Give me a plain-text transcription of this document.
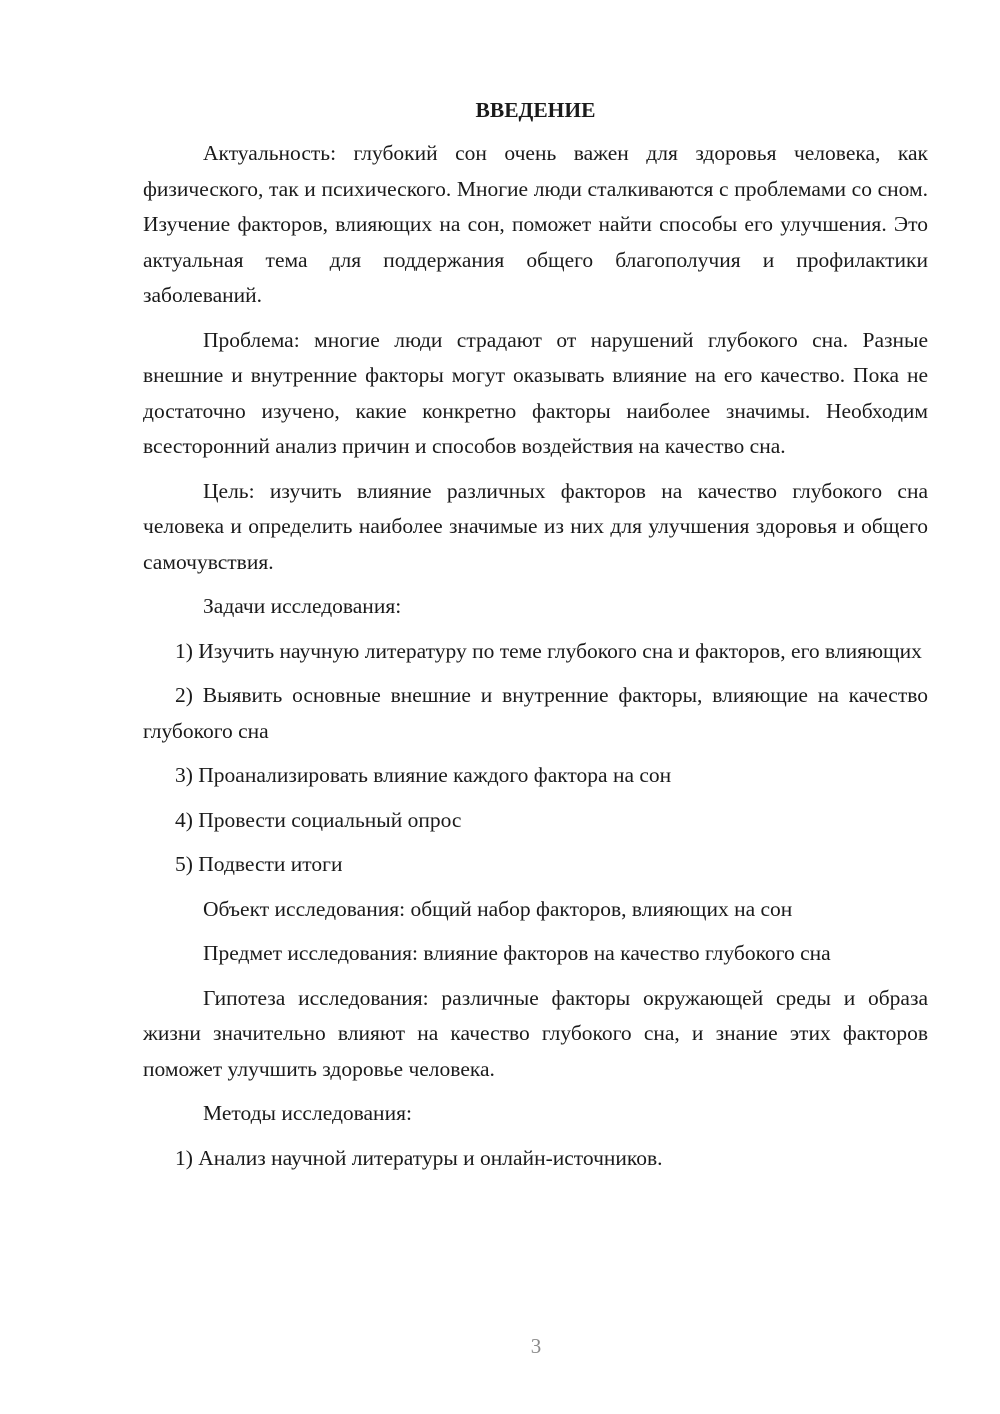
ВВЕДЕНИЕ

Актуальность: глубокий сон очень важен для здоровья человека, как физического, так и психического. Многие люди сталкиваются с проблемами со сном. Изучение факторов, влияющих на сон, поможет найти способы его улучшения. Это актуальная тема для поддержания общего благополучия и профилактики заболеваний.

Проблема: многие люди страдают от нарушений глубокого сна. Разные внешние и внутренние факторы могут оказывать влияние на его качество. Пока не достаточно изучено, какие конкретно факторы наиболее значимы. Необходим всесторонний анализ причин и способов воздействия на качество сна.

Цель: изучить влияние различных факторов на качество глубокого сна человека и определить наиболее значимые из них для улучшения здоровья и общего самочувствия.

Задачи исследования:

1) Изучить научную литературу по теме глубокого сна и факторов, его влияющих

2) Выявить основные внешние и внутренние факторы, влияющие на качество глубокого сна

3) Проанализировать влияние каждого фактора на сон

4) Провести социальный опрос

5) Подвести итоги

Объект исследования: общий набор факторов, влияющих на сон

Предмет исследования: влияние факторов на качество глубокого сна

Гипотеза исследования: различные факторы окружающей среды и образа жизни значительно влияют на качество глубокого сна, и знание этих факторов поможет улучшить здоровье человека.

Методы исследования:

1) Анализ научной литературы и онлайн-источников.

3
